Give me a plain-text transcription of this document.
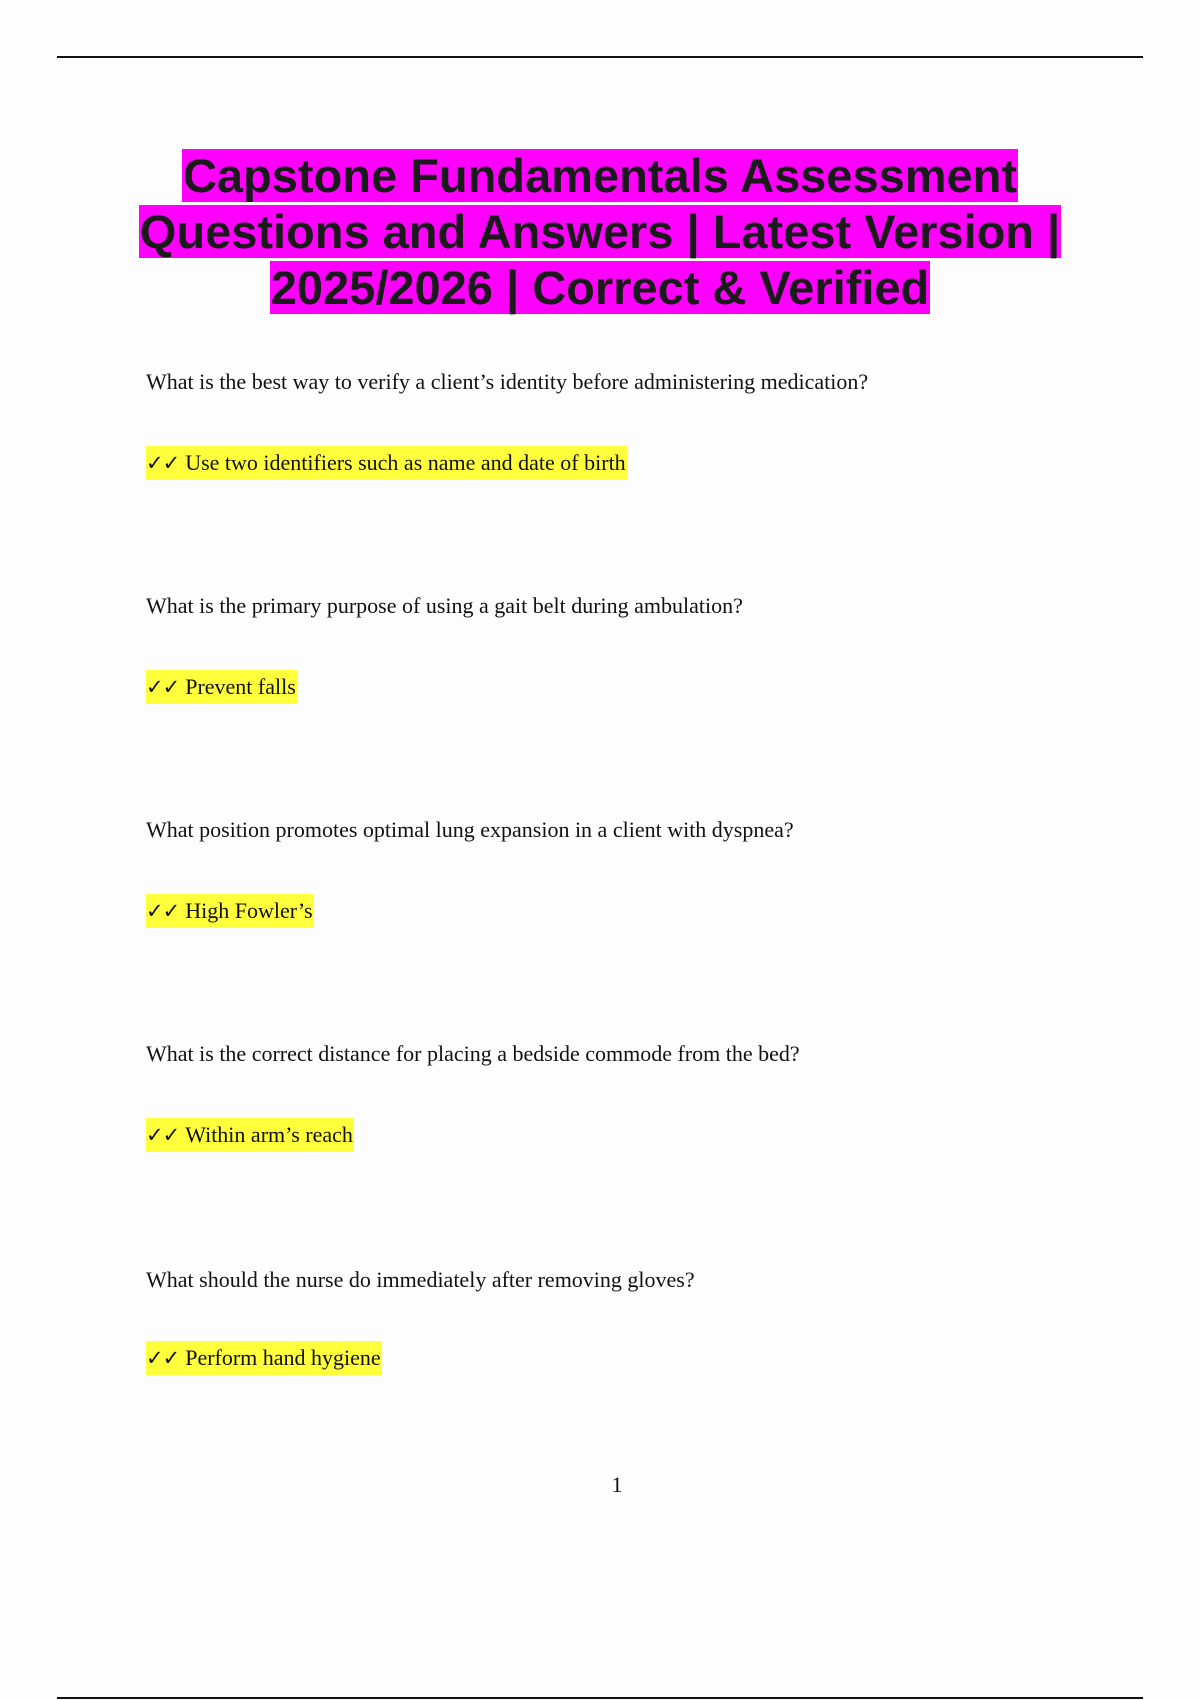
Capstone Fundamentals Assessment Questions and Answers | Latest Version | 2025/2026 | Correct & Verified

What is the best way to verify a client’s identity before administering medication?

✓✓ Use two identifiers such as name and date of birth

What is the primary purpose of using a gait belt during ambulation?

✓✓ Prevent falls

What position promotes optimal lung expansion in a client with dyspnea?

✓✓ High Fowler’s

What is the correct distance for placing a bedside commode from the bed?

✓✓ Within arm’s reach

What should the nurse do immediately after removing gloves?

✓✓ Perform hand hygiene

1
